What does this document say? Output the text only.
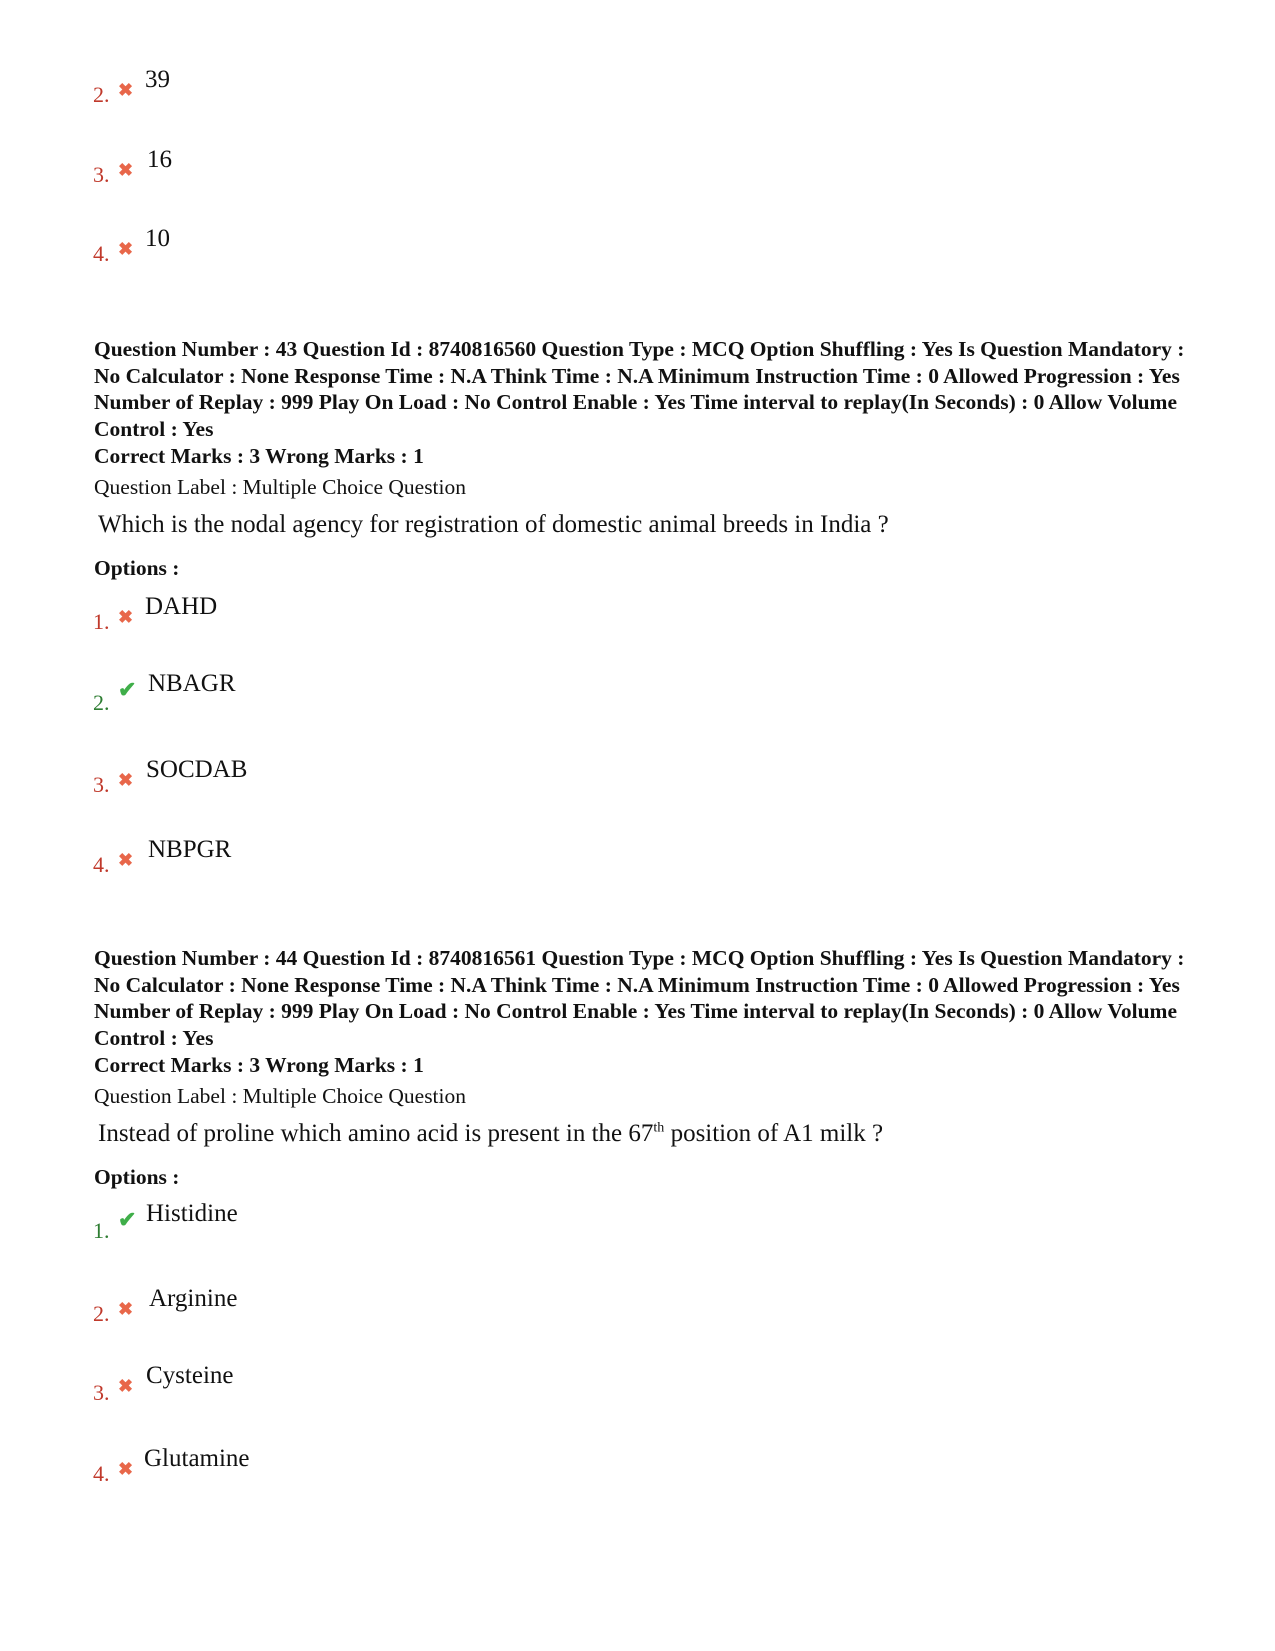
2. ✖ 39
3. ✖ 16
4. ✖ 10
Question Number : 43 Question Id : 8740816560 Question Type : MCQ Option Shuffling : Yes Is Question Mandatory : No Calculator : None Response Time : N.A Think Time : N.A Minimum Instruction Time : 0 Allowed Progression : Yes Number of Replay : 999 Play On Load : No Control Enable : Yes Time interval to replay(In Seconds) : 0 Allow Volume Control : Yes
Correct Marks : 3 Wrong Marks : 1
Question Label : Multiple Choice Question
Which is the nodal agency for registration of domestic animal breeds in India ?
Options :
1. ✖ DAHD
2.
✔ NBAGR
3. ✖ SOCDAB
4. ✖ NBPGR
Question Number : 44 Question Id : 8740816561 Question Type : MCQ Option Shuffling : Yes Is Question Mandatory : No Calculator : None Response Time : N.A Think Time : N.A Minimum Instruction Time : 0 Allowed Progression : Yes Number of Replay : 999 Play On Load : No Control Enable : Yes Time interval to replay(In Seconds) : 0 Allow Volume Control : Yes
Correct Marks : 3 Wrong Marks : 1
Question Label : Multiple Choice Question
Instead of proline which amino acid is present in the 67th position of A1 milk ?
Options :
1. ✔ Histidine
2. ✖ Arginine
3. ✖ Cysteine
4. ✖ Glutamine
